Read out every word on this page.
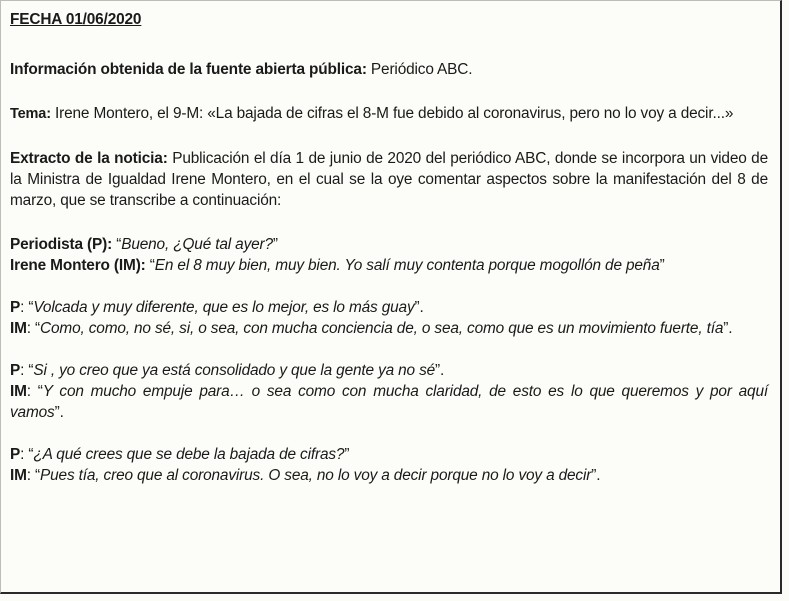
FECHA 01/06/2020

Información obtenida de la fuente abierta pública: Periódico ABC.

Tema: Irene Montero, el 9-M: «La bajada de cifras el 8-M fue debido al coronavirus, pero no lo voy a decir...»

Extracto de la noticia: Publicación el día 1 de junio de 2020 del periódico ABC, donde se incorpora un video de la Ministra de Igualdad Irene Montero, en el cual se la oye comentar aspectos sobre la manifestación del 8 de marzo, que se transcribe a continuación:

Periodista (P): “Bueno, ¿Qué tal ayer?”

Irene Montero (IM): “En el 8 muy bien, muy bien. Yo salí muy contenta porque mogollón de peña”

P: “Volcada y muy diferente, que es lo mejor, es lo más guay”.

IM: “Como, como, no sé, si, o sea, con mucha conciencia de, o sea, como que es un movimiento fuerte, tía”.

P: “Si , yo creo que ya está consolidado y que la gente ya no sé”.

IM: “Y con mucho empuje para… o sea como con mucha claridad, de esto es lo que queremos y por aquí vamos”.

P: “¿A qué crees que se debe la bajada de cifras?”

IM: “Pues tía, creo que al coronavirus. O sea, no lo voy a decir porque no lo voy a decir”.
